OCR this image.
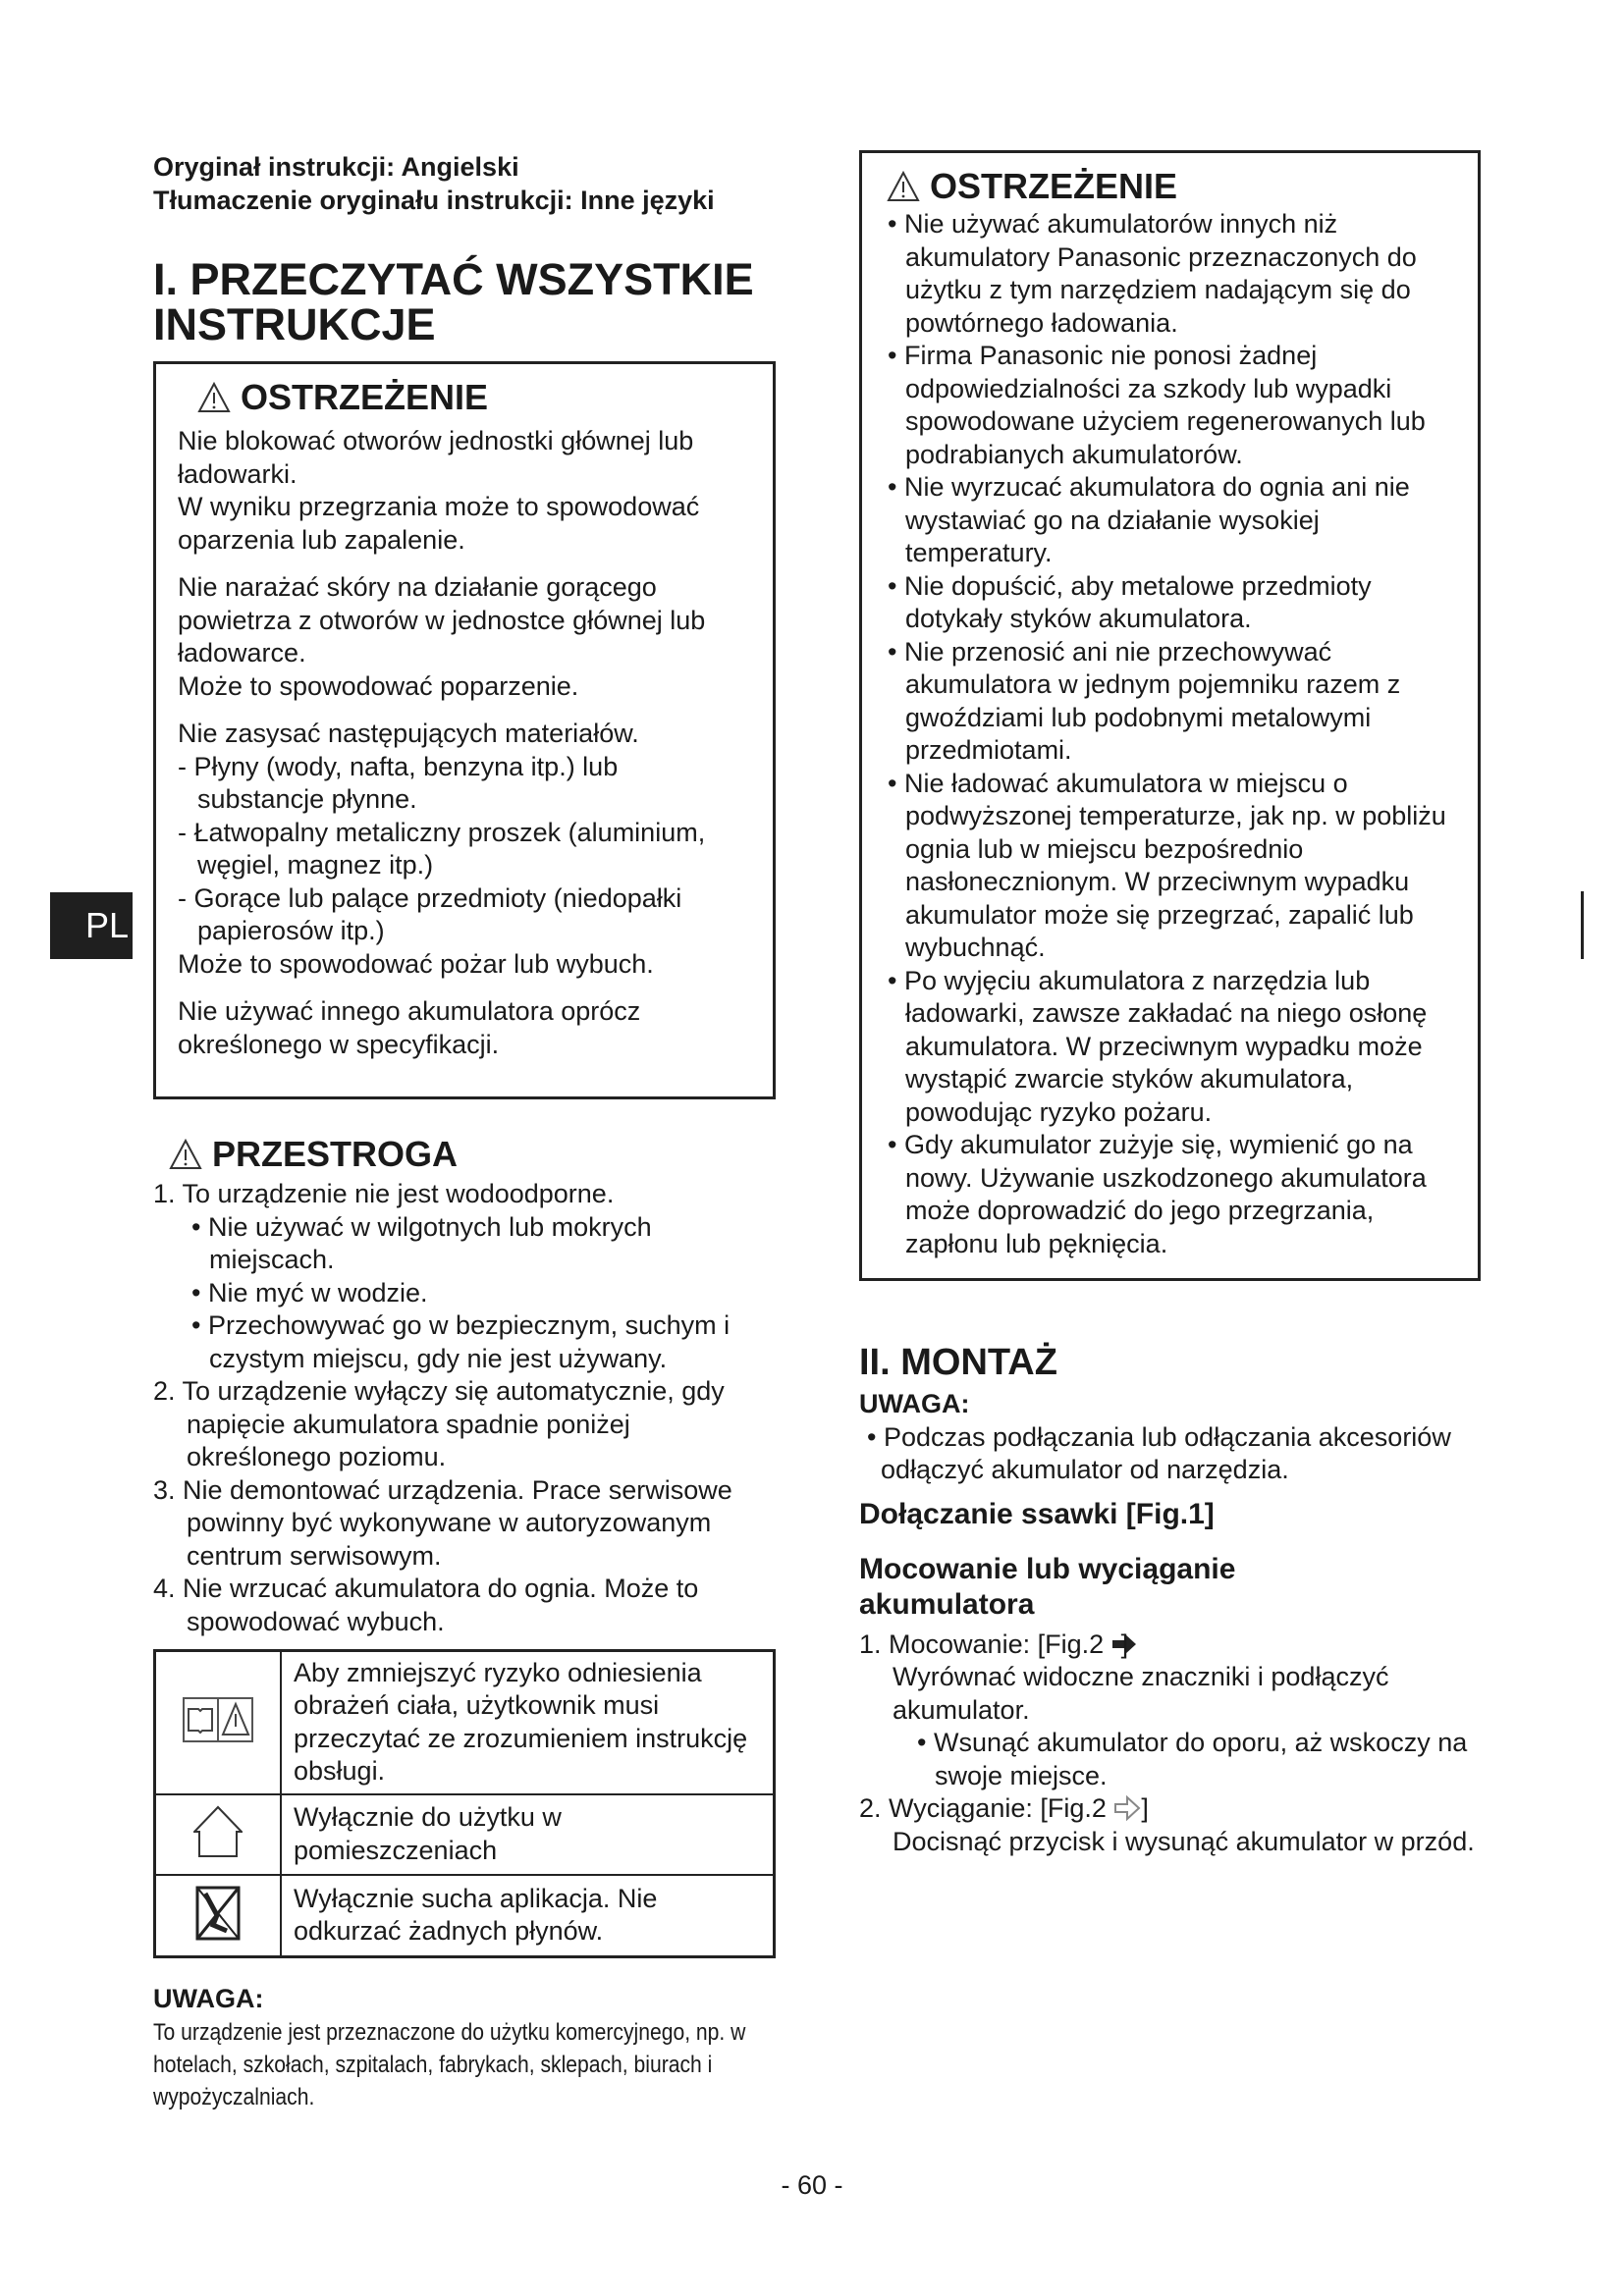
Oryginał instrukcji: Angielski
Tłumaczenie oryginału instrukcji: Inne języki
I. PRZECZYTAĆ WSZYSTKIE INSTRUKCJE
PL
OSTRZEŻENIE
Nie blokować otworów jednostki głównej lub ładowarki.
W wyniku przegrzania może to spowodować oparzenia lub zapalenie.
Nie narażać skóry na działanie gorącego powietrza z otworów w jednostce głównej lub ładowarce.
Może to spowodować poparzenie.
Nie zasysać następujących materiałów.
- Płyny (wody, nafta, benzyna itp.) lub substancje płynne.
- Łatwopalny metaliczny proszek (aluminium, węgiel, magnez itp.)
- Gorące lub palące przedmioty (niedopałki papierosów itp.)
Może to spowodować pożar lub wybuch.
Nie używać innego akumulatora oprócz określonego w specyfikacji.
PRZESTROGA
1. To urządzenie nie jest wodoodporne.
• Nie używać w wilgotnych lub mokrych miejscach.
• Nie myć w wodzie.
• Przechowywać go w bezpiecznym, suchym i czystym miejscu, gdy nie jest używany.
2. To urządzenie wyłączy się automatycznie, gdy napięcie akumulatora spadnie poniżej określonego poziomu.
3. Nie demontować urządzenia. Prace serwisowe powinny być wykonywane w autoryzowanym centrum serwisowym.
4. Nie wrzucać akumulatora do ognia. Może to spowodować wybuch.
	Aby zmniejszyć ryzyko odniesienia obrażeń ciała, użytkownik musi przeczytać ze zrozumieniem instrukcję obsługi.
	Wyłącznie do użytku w pomieszczeniach
	Wyłącznie sucha aplikacja. Nie odkurzać żadnych płynów.
UWAGA:
To urządzenie jest przeznaczone do użytku komercyjnego, np. w hotelach, szkołach, szpitalach, fabrykach, sklepach, biurach i wypożyczalniach.
OSTRZEŻENIE
• Nie używać akumulatorów innych niż akumulatory Panasonic przeznaczonych do użytku z tym narzędziem nadającym się do powtórnego ładowania.
• Firma Panasonic nie ponosi żadnej odpowiedzialności za szkody lub wypadki spowodowane użyciem regenerowanych lub podrabianych akumulatorów.
• Nie wyrzucać akumulatora do ognia ani nie wystawiać go na działanie wysokiej temperatury.
• Nie dopuścić, aby metalowe przedmioty dotykały styków akumulatora.
• Nie przenosić ani nie przechowywać akumulatora w jednym pojemniku razem z gwoździami lub podobnymi metalowymi przedmiotami.
• Nie ładować akumulatora w miejscu o podwyższonej temperaturze, jak np. w pobliżu ognia lub w miejscu bezpośrednio nasłonecznionym. W przeciwnym wypadku akumulator może się przegrzać, zapalić lub wybuchnąć.
• Po wyjęciu akumulatora z narzędzia lub ładowarki, zawsze zakładać na niego osłonę akumulatora. W przeciwnym wypadku może wystąpić zwarcie styków akumulatora, powodując ryzyko pożaru.
• Gdy akumulator zużyje się, wymienić go na nowy. Używanie uszkodzonego akumulatora może doprowadzić do jego przegrzania, zapłonu lub pęknięcia.
II. MONTAŻ
UWAGA:
• Podczas podłączania lub odłączania akcesoriów odłączyć akumulator od narzędzia.
Dołączanie ssawki [Fig.1]
Mocowanie lub wyciąganie akumulatora
1. Mocowanie: [Fig.2 ]
Wyrównać widoczne znaczniki i podłączyć akumulator.
• Wsunąć akumulator do oporu, aż wskoczy na swoje miejsce.
2. Wyciąganie: [Fig.2 ]
Docisnąć przycisk i wysunąć akumulator w przód.
- 60 -
